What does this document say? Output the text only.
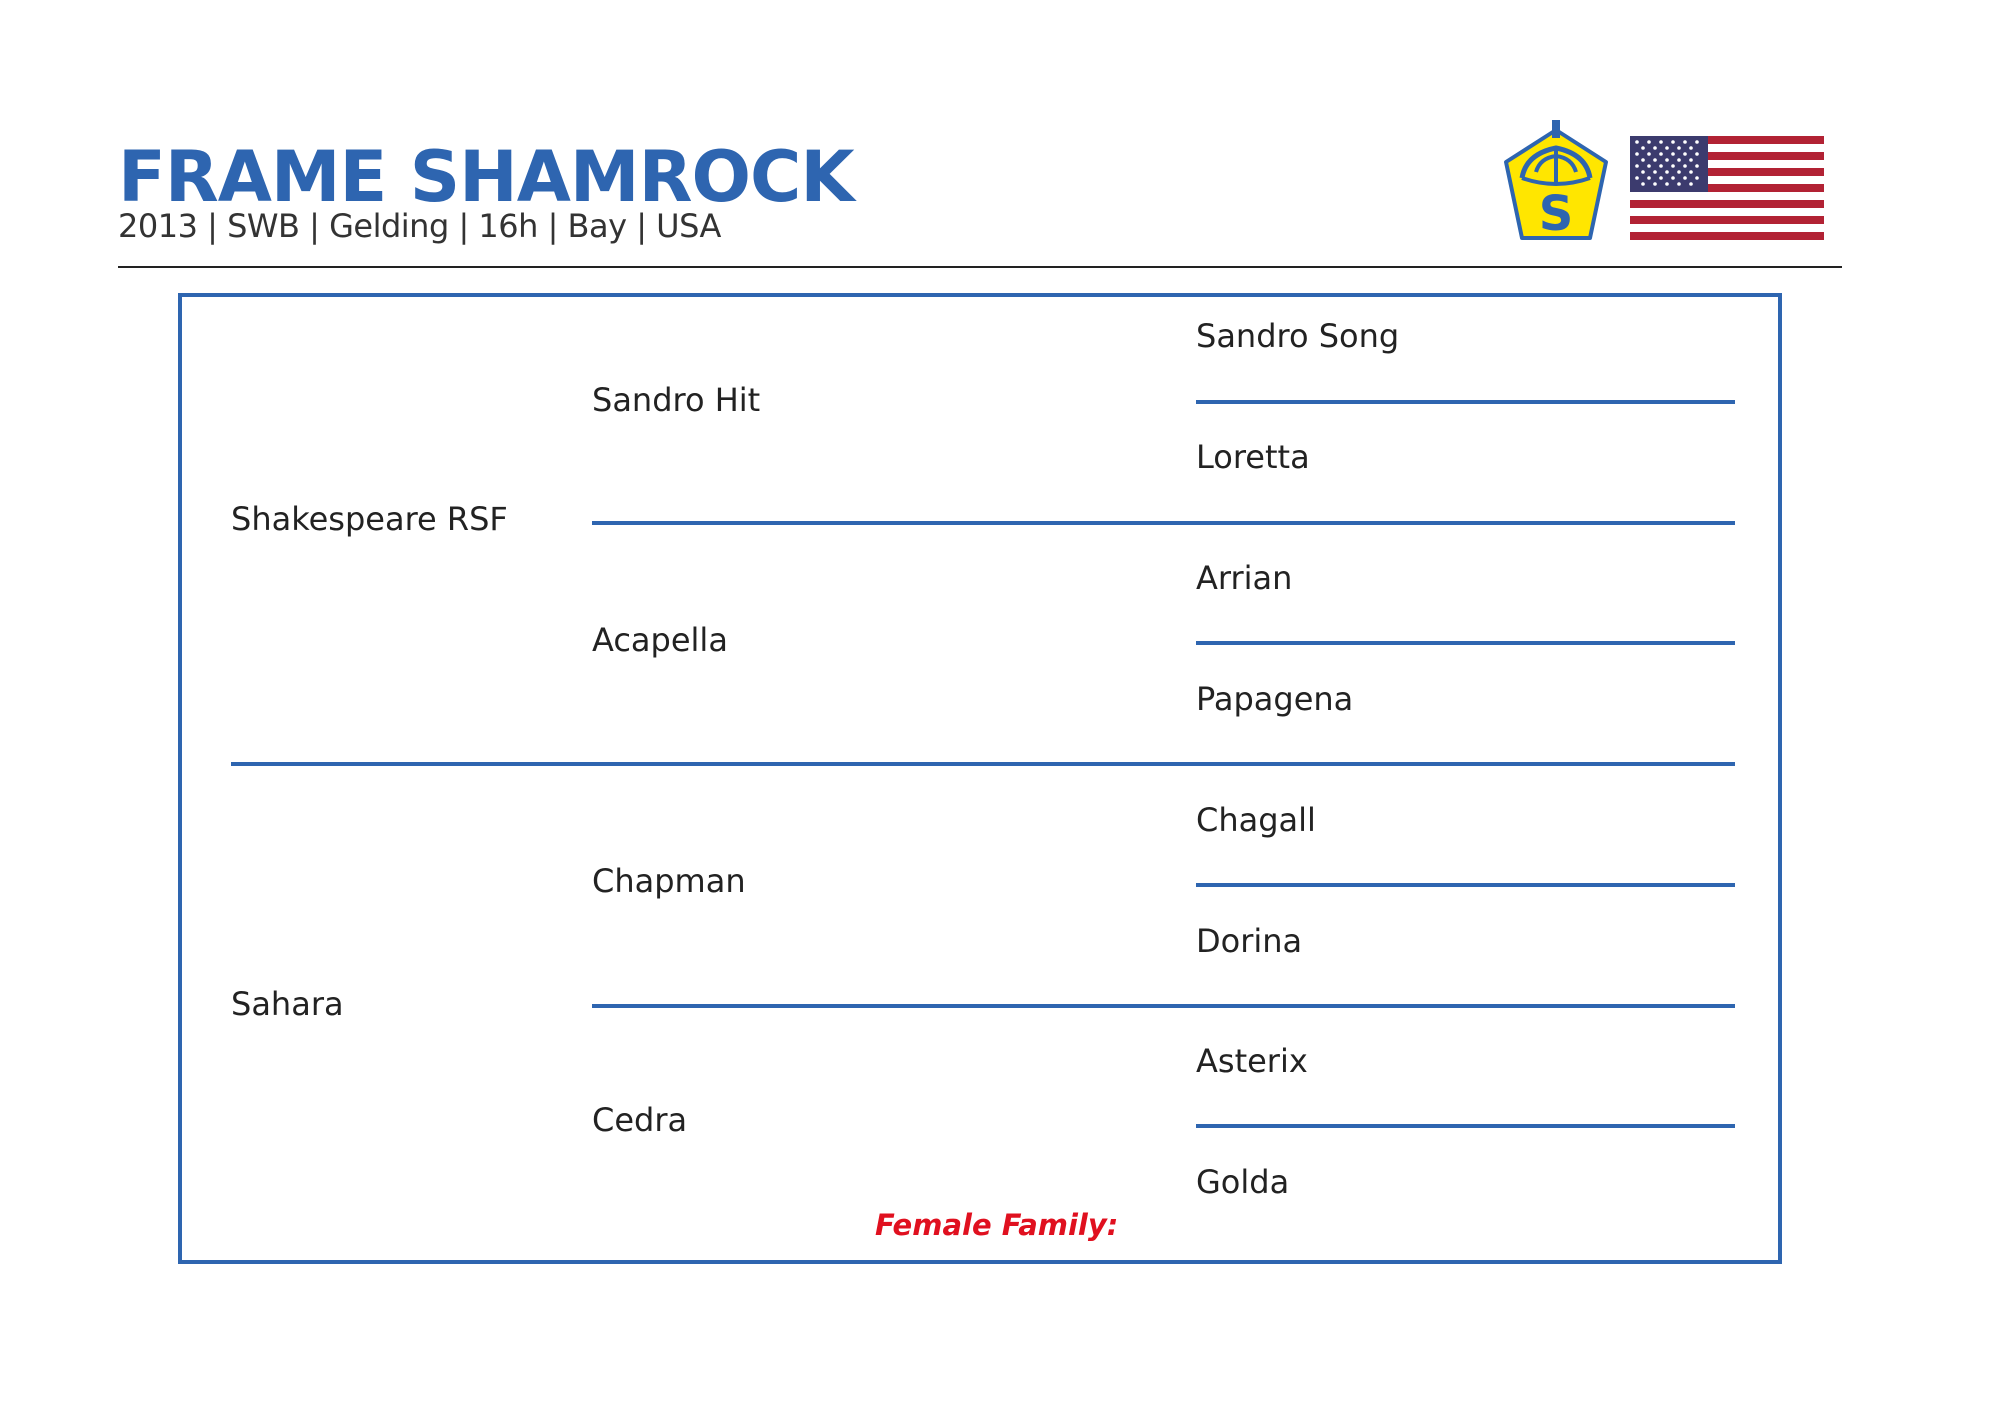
FRAME SHAMROCK
2013 | SWB | Gelding | 16h | Bay | USA	S
Shakespeare RSF
Sahara
Sandro Hit
Acapella
Chapman
Cedra
Sandro Song
Loretta
Arrian
Papagena
Chagall
Dorina
Asterix
Golda
Female Family:
